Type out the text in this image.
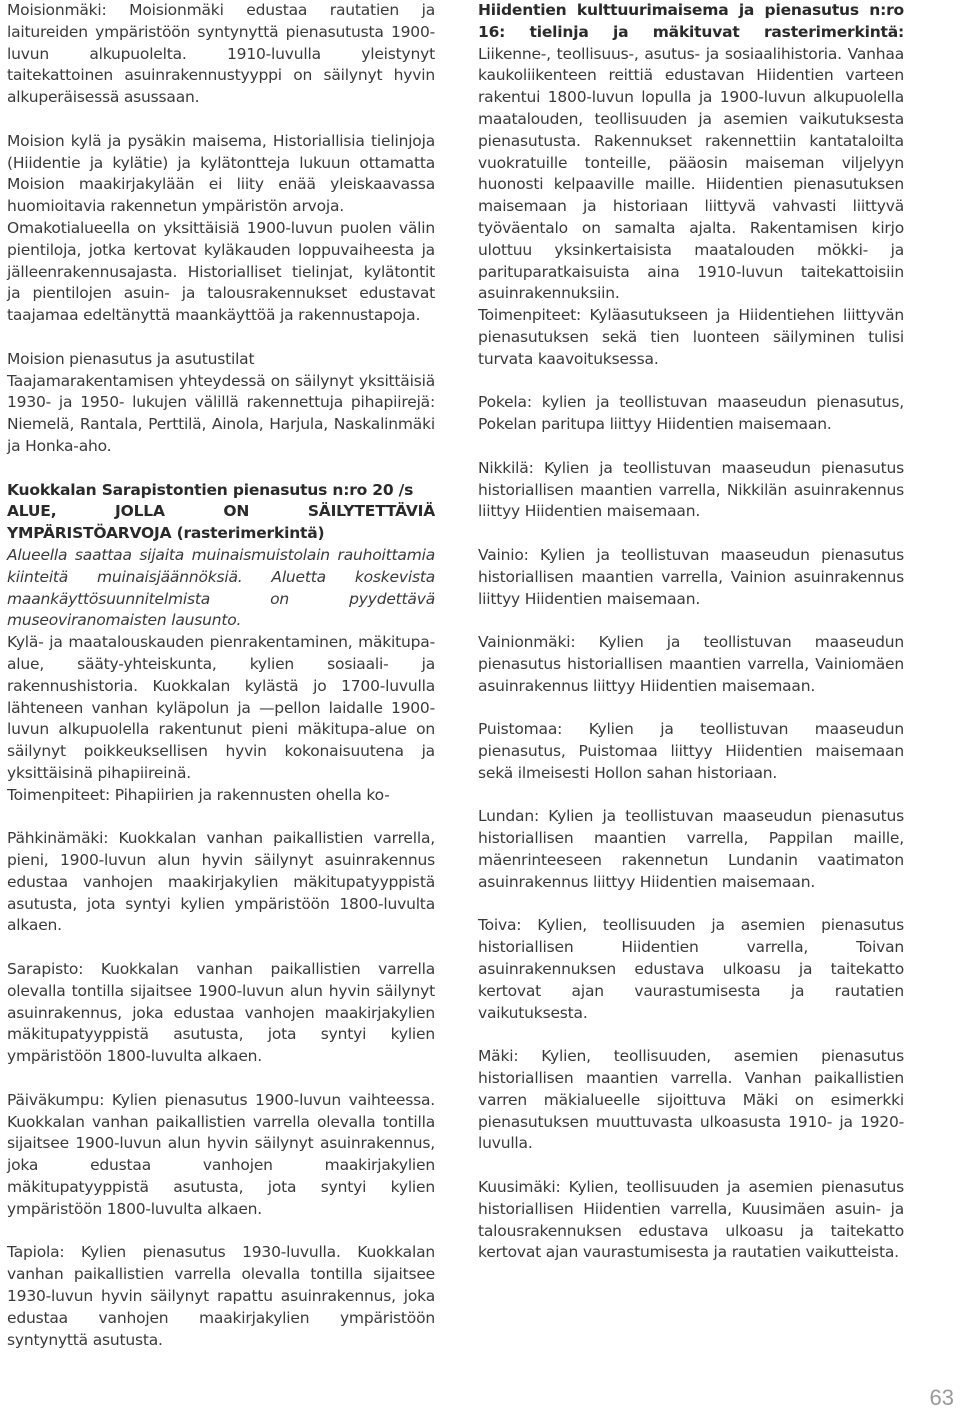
Moisionmäki: Moisionmäki edustaa rautatien ja laitureiden ympäristöön syntynyttä pienasutusta 1900-luvun alkupuolelta. 1910-luvulla yleistynyt taitekattoinen asuinrakennustyyppi on säilynyt hyvin alkuperäisessä asussaan.

Moision kylä ja pysäkin maisema, Historiallisia tielinjoja (Hiidentie ja kylätie) ja kylätontteja lukuun ottamatta Moision maakirjakylään ei liity enää yleiskaavassa huomioitavia rakennetun ympäristön arvoja.

Omakotialueella on yksittäisiä 1900-luvun puolen välin pientiloja, jotka kertovat kyläkauden loppuvaiheesta ja jälleenrakennusajasta. Historialliset tielinjat, kylätontit ja pientilojen asuin- ja talousrakennukset edustavat taajamaa edeltänyttä maankäyttöä ja rakennustapoja.

Moision pienasutus ja asutustilat

Taajamarakentamisen yhteydessä on säilynyt yksittäisiä 1930- ja 1950- lukujen välillä rakennettuja pihapiirejä: Niemelä, Rantala, Perttilä, Ainola, Harjula, Naskalinmäki ja Honka-aho.

Kuokkalan Sarapistontien pienasutus n:ro 20 /s

ALUE, JOLLA ON SÄILYTETTÄVIÄ YMPÄRISTÖARVOJA (rasterimerkintä)

Alueella saattaa sijaita muinaismuistolain rauhoittamia kiinteitä muinaisjäännöksiä. Aluetta koskevista maankäyttösuunnitelmista on pyydettävä museoviranomaisten lausunto.

Kylä- ja maatalouskauden pienrakentaminen, mäkitupa-alue, sääty-yhteiskunta, kylien sosiaali- ja rakennushistoria. Kuokkalan kylästä jo 1700-luvulla lähteneen vanhan kyläpolun ja —pellon laidalle 1900- luvun alkupuolella rakentunut pieni mäkitupa-alue on säilynyt poikkeuksellisen hyvin kokonaisuutena ja yksittäisinä pihapiireinä.

Toimenpiteet: Pihapiirien ja rakennusten ohella ko-

Pähkinämäki: Kuokkalan vanhan paikallistien varrella, pieni, 1900-luvun alun hyvin säilynyt asuinrakennus edustaa vanhojen maakirjakylien mäkitupatyyppistä asutusta, jota syntyi kylien ympäristöön 1800-luvulta alkaen.

Sarapisto: Kuokkalan vanhan paikallistien varrella olevalla tontilla sijaitsee 1900-luvun alun hyvin säilynyt asuinrakennus, joka edustaa vanhojen maakirjakylien mäkitupatyyppistä asutusta, jota syntyi kylien ympäristöön 1800-luvulta alkaen.

Päiväkumpu: Kylien pienasutus 1900-luvun vaihteessa. Kuokkalan vanhan paikallistien varrella olevalla tontilla sijaitsee 1900-luvun alun hyvin säilynyt asuinrakennus, joka edustaa vanhojen maakirjakylien mäkitupatyyppistä asutusta, jota syntyi kylien ympäristöön 1800-luvulta alkaen.

Tapiola: Kylien pienasutus 1930-luvulla. Kuokkalan vanhan paikallistien varrella olevalla tontilla sijaitsee 1930-luvun hyvin säilynyt rapattu asuinrakennus, joka edustaa vanhojen maakirjakylien ympäristöön syntynyttä asutusta.

Hiidentien kulttuurimaisema ja pienasutus n:ro 16: tielinja ja mäkituvat rasterimerkintä: Liikenne-, teollisuus-, asutus- ja sosiaalihistoria. Vanhaa kaukoliikenteen reittiä edustavan Hiidentien varteen rakentui 1800-luvun lopulla ja 1900-luvun alkupuolella maatalouden, teollisuuden ja asemien vaikutuksesta pienasutusta. Rakennukset rakennettiin kantataloilta vuokratuille tonteille, pääosin maiseman viljelyyn huonosti kelpaaville maille. Hiidentien pienasutuksen maisemaan ja historiaan liittyvä vahvasti liittyvä työväentalo on samalta ajalta. Rakentamisen kirjo ulottuu yksinkertaisista maatalouden mökki- ja parituparatkaisuista aina 1910-luvun taitekattoisiin asuinrakennuksiin.

Toimenpiteet: Kyläasutukseen ja Hiidentiehen liittyvän pienasutuksen sekä tien luonteen säilyminen tulisi turvata kaavoituksessa.

Pokela: kylien ja teollistuvan maaseudun pienasutus, Pokelan paritupa liittyy Hiidentien maisemaan.

Nikkilä: Kylien ja teollistuvan maaseudun pienasutus historiallisen maantien varrella, Nikkilän asuinrakennus liittyy Hiidentien maisemaan.

Vainio: Kylien ja teollistuvan maaseudun pienasutus historiallisen maantien varrella, Vainion asuinrakennus liittyy Hiidentien maisemaan.

Vainionmäki: Kylien ja teollistuvan maaseudun pienasutus historiallisen maantien varrella, Vainiomäen asuinrakennus liittyy Hiidentien maisemaan.

Puistomaa: Kylien ja teollistuvan maaseudun pienasutus, Puistomaa liittyy Hiidentien maisemaan sekä ilmeisesti Hollon sahan historiaan.

Lundan: Kylien ja teollistuvan maaseudun pienasutus historiallisen maantien varrella, Pappilan maille, mäenrinteeseen rakennetun Lundanin vaatimaton asuinrakennus liittyy Hiidentien maisemaan.

Toiva: Kylien, teollisuuden ja asemien pienasutus historiallisen Hiidentien varrella, Toivan asuinrakennuksen edustava ulkoasu ja taitekatto kertovat ajan vaurastumisesta ja rautatien vaikutuksesta.

Mäki: Kylien, teollisuuden, asemien pienasutus historiallisen maantien varrella. Vanhan paikallistien varren mäkialueelle sijoittuva Mäki on esimerkki pienasutuksen muuttuvasta ulkoasusta 1910- ja 1920-luvulla.

Kuusimäki: Kylien, teollisuuden ja asemien pienasutus historiallisen Hiidentien varrella, Kuusimäen asuin- ja talousrakennuksen edustava ulkoasu ja taitekatto kertovat ajan vaurastumisesta ja rautatien vaikutteista.

63
